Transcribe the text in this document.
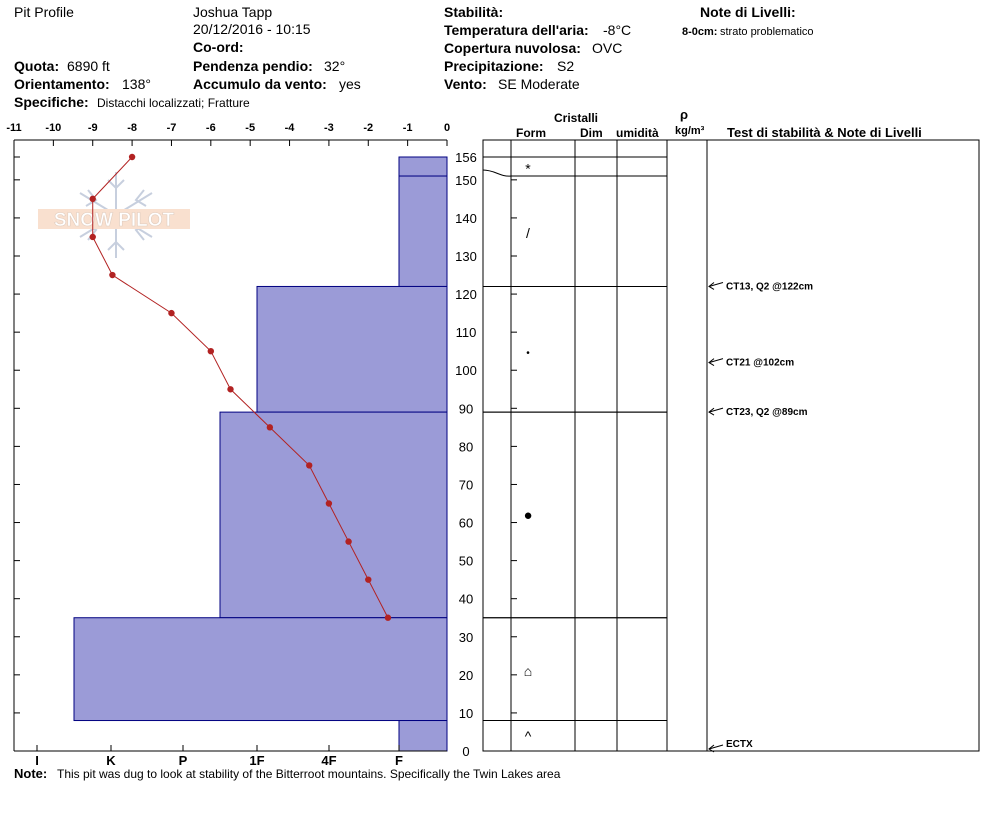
Pit Profile	Joshua Tapp
20/12/2016 - 10:15
Co-ord:
Quota: 6890 ft
Orientamento: 138°
Pendenza pendio: 32°
Accumulo da vento: yes
Specifiche: Distacchi localizzati; Fratture
Stabilità:
Temperatura dell'aria: -8°C
Copertura nuvolosa: OVC
Precipitazione: S2
Vento: SE Moderate
Note di Livelli:
8-0cm: strato problematico
Cristalli
Form	Dim umidità
ρ
kg/m³ Test di stabilità & Note di Livelli
SNOW PILOT
-11 -10 -9	-8	-7	-6	-5	-4	-3	-2	-1	0
I	K	P	1F	4F	F
0
10
20
30
40
50
60
70
80
90
100
110
120
130
140
150
156
*
/
•
●
⌂
^
CT13, Q2 @122cm
CT21 @102cm
CT23, Q2 @89cm
ECTX
Note: This pit was dug to look at stability of the Bitterroot mountains. Specifically the Twin Lakes area
